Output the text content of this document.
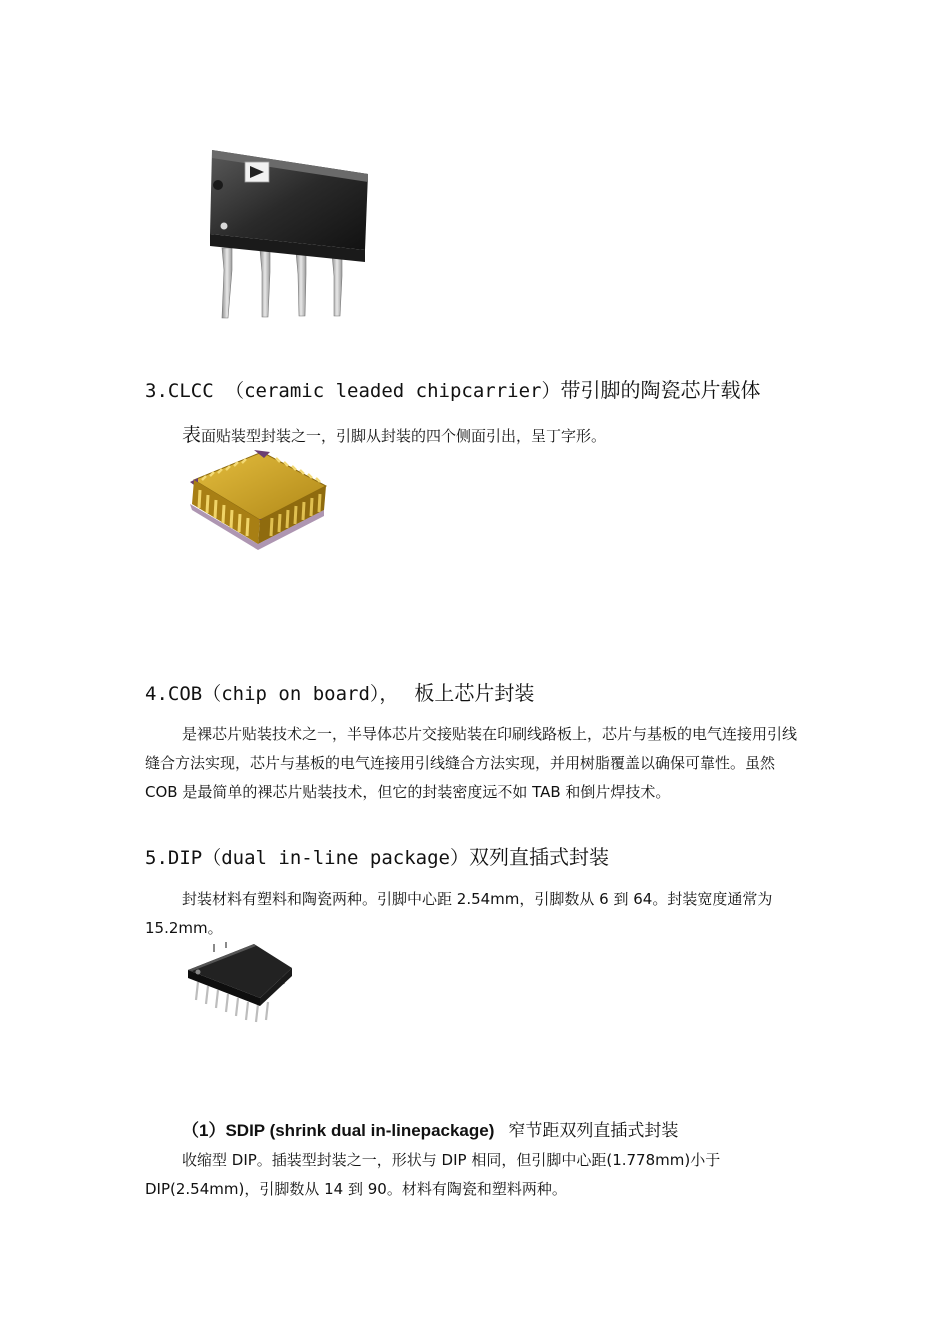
3.CLCC （ceramic leaded chipcarrier）带引脚的陶瓷芯片载体
表面贴装型封装之一，引脚从封装的四个侧面引出，呈丁字形。
4.COB（chip on board）， 板上芯片封装
是裸芯片贴装技术之一，半导体芯片交接贴装在印刷线路板上，芯片与基板的电气连接用引线缝合方法实现，芯片与基板的电气连接用引线缝合方法实现，并用树脂覆盖以确保可靠性。虽然 COB 是最简单的裸芯片贴装技术，但它的封装密度远不如 TAB 和倒片焊技术。
5.DIP（dual in-line package）双列直插式封装
封装材料有塑料和陶瓷两种。引脚中心距 2.54mm，引脚数从 6 到 64。封装宽度通常为 15.2mm。
（1）SDIP (shrink dual in-linepackage) 窄节距双列直插式封装
收缩型 DIP。插装型封装之一，形状与 DIP 相同，但引脚中心距(1.778mm)小于 DIP(2.54mm)，引脚数从 14 到 90。材料有陶瓷和塑料两种。
